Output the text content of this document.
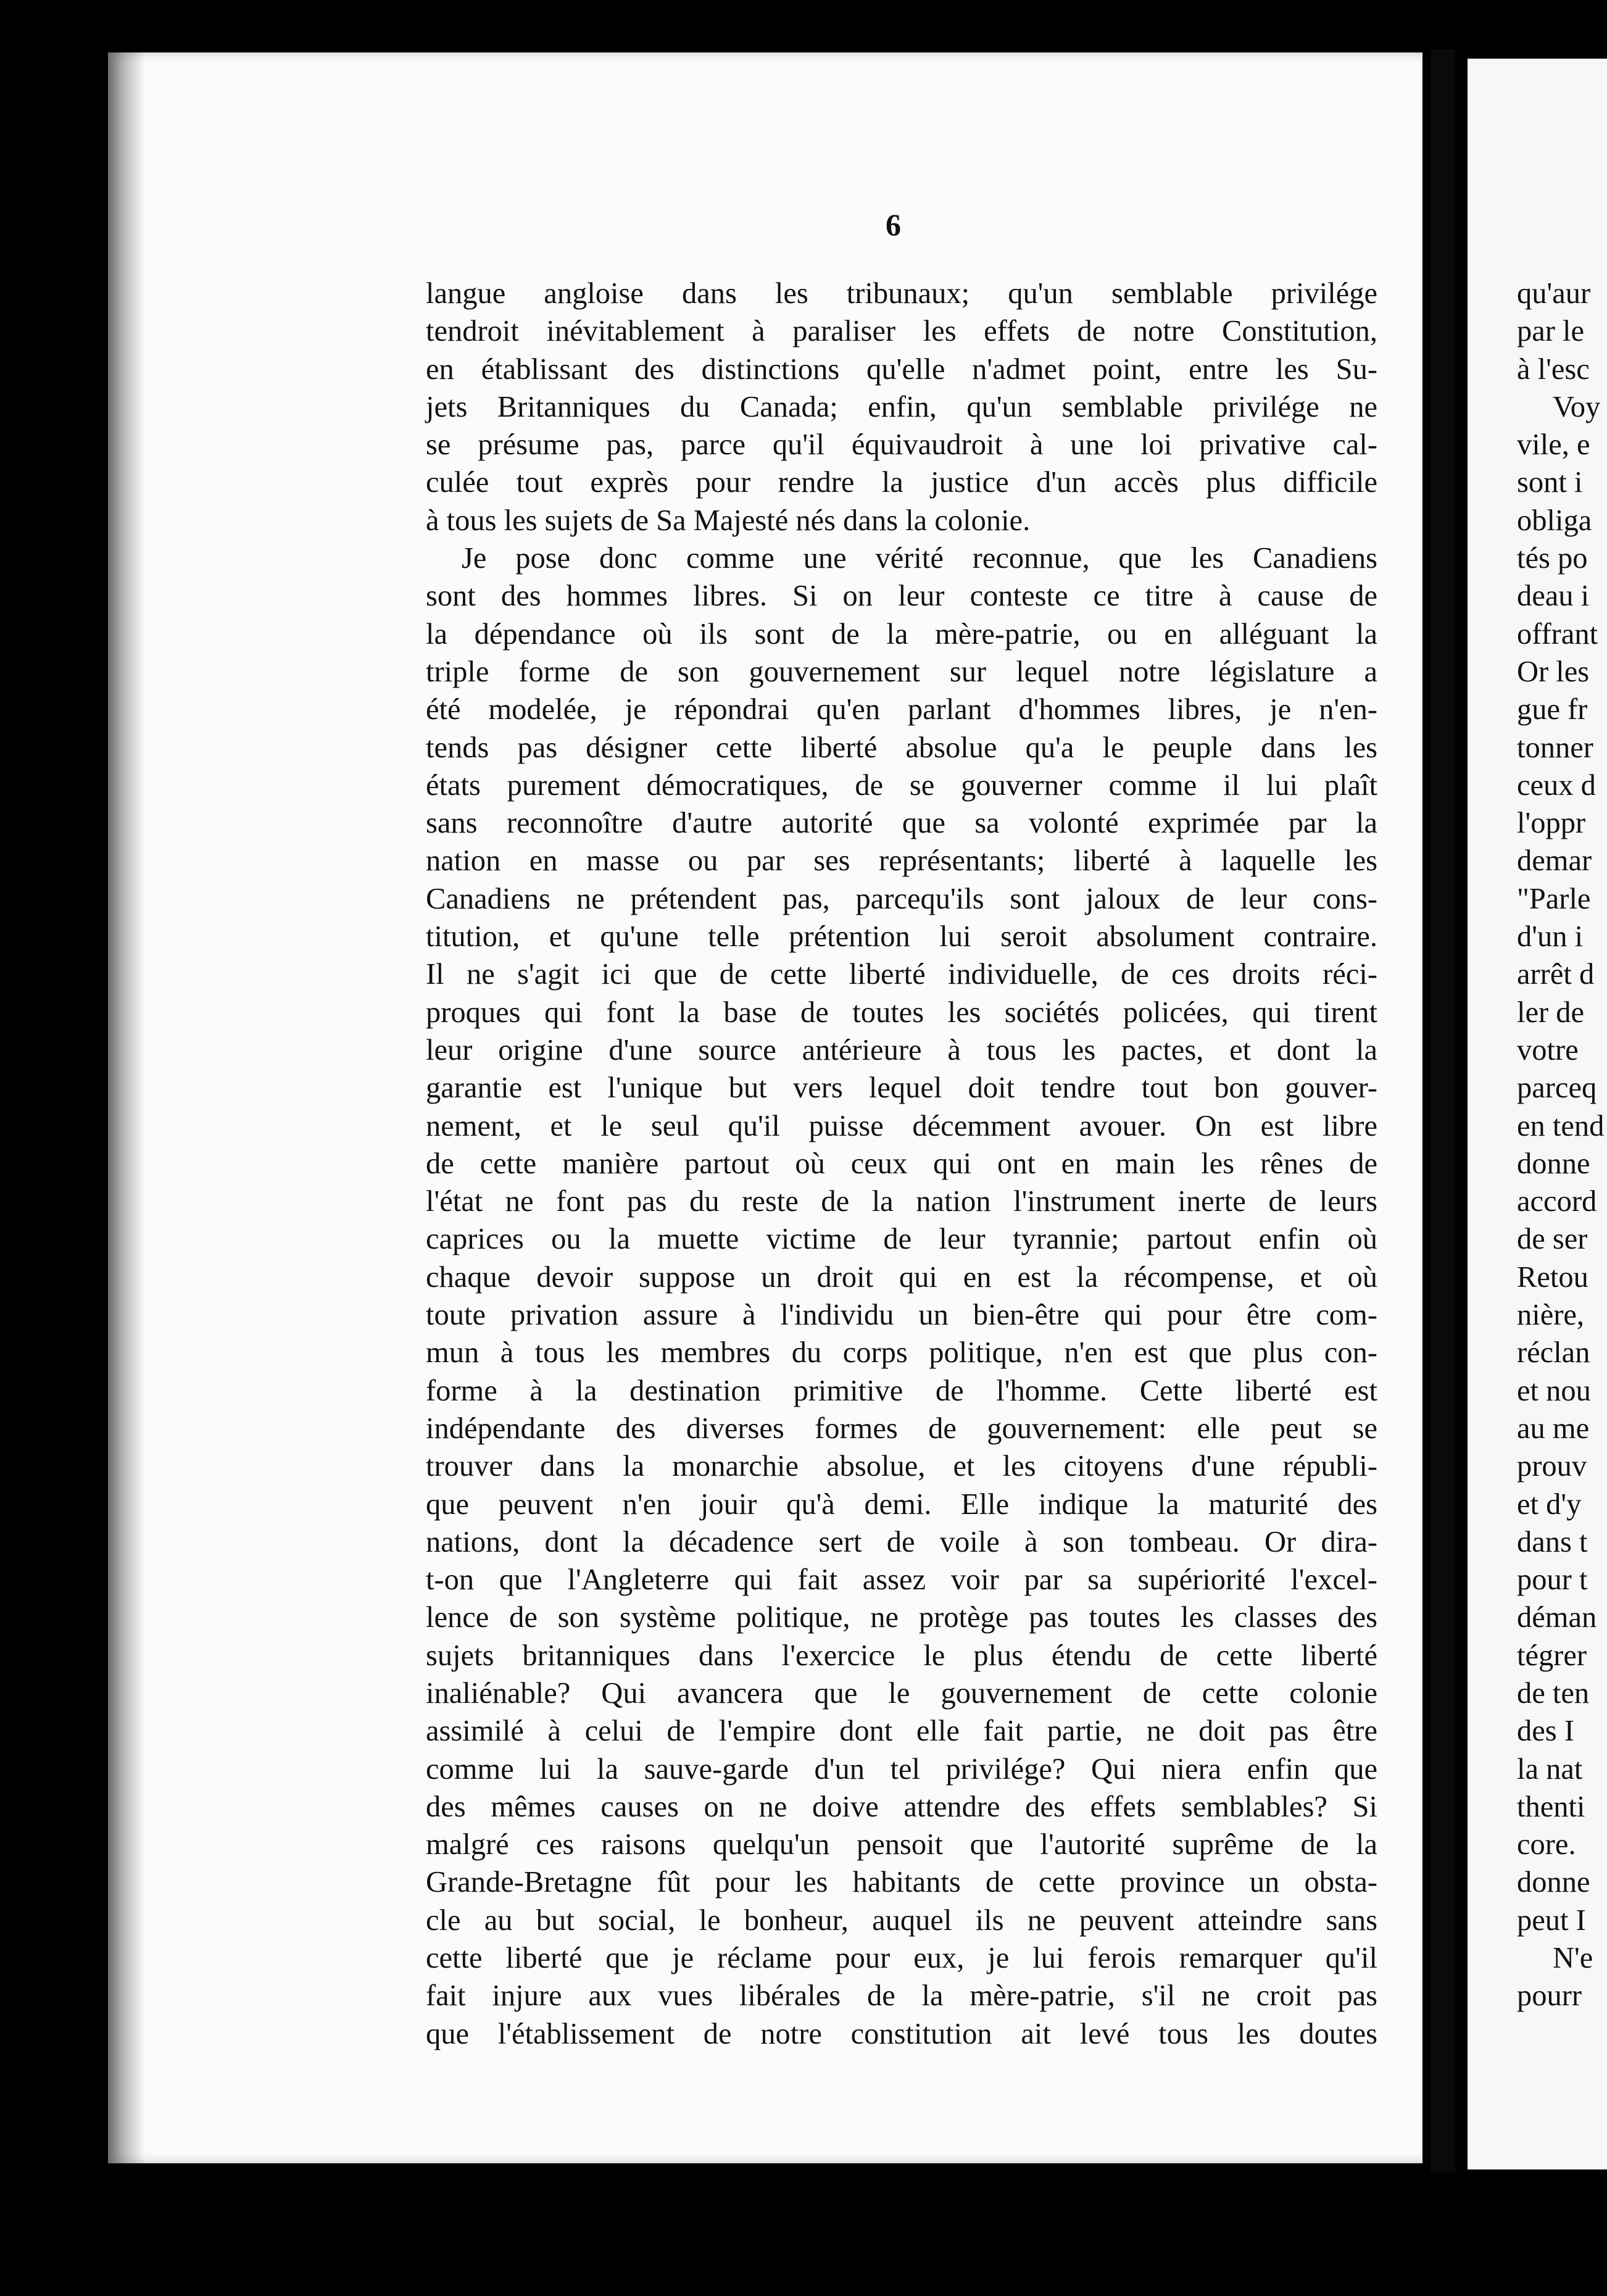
6
langue angloise dans les tribunaux; qu'un semblable privilége
tendroit inévitablement à paraliser les effets de notre Constitution,
en établissant des distinctions qu'elle n'admet point, entre les Su-
jets Britanniques du Canada; enfin, qu'un semblable privilége ne
se présume pas, parce qu'il équivaudroit à une loi privative cal-
culée tout exprès pour rendre la justice d'un accès plus difficile
à tous les sujets de Sa Majesté nés dans la colonie.
Je pose donc comme une vérité reconnue, que les Canadiens
sont des hommes libres. Si on leur conteste ce titre à cause de
la dépendance où ils sont de la mère-patrie, ou en alléguant la
triple forme de son gouvernement sur lequel notre législature a
été modelée, je répondrai qu'en parlant d'hommes libres, je n'en-
tends pas désigner cette liberté absolue qu'a le peuple dans les
états purement démocratiques, de se gouverner comme il lui plaît
sans reconnoître d'autre autorité que sa volonté exprimée par la
nation en masse ou par ses représentants; liberté à laquelle les
Canadiens ne prétendent pas, parcequ'ils sont jaloux de leur cons-
titution, et qu'une telle prétention lui seroit absolument contraire.
Il ne s'agit ici que de cette liberté individuelle, de ces droits réci-
proques qui font la base de toutes les sociétés policées, qui tirent
leur origine d'une source antérieure à tous les pactes, et dont la
garantie est l'unique but vers lequel doit tendre tout bon gouver-
nement, et le seul qu'il puisse décemment avouer. On est libre
de cette manière partout où ceux qui ont en main les rênes de
l'état ne font pas du reste de la nation l'instrument inerte de leurs
caprices ou la muette victime de leur tyrannie; partout enfin où
chaque devoir suppose un droit qui en est la récompense, et où
toute privation assure à l'individu un bien-être qui pour être com-
mun à tous les membres du corps politique, n'en est que plus con-
forme à la destination primitive de l'homme. Cette liberté est
indépendante des diverses formes de gouvernement: elle peut se
trouver dans la monarchie absolue, et les citoyens d'une républi-
que peuvent n'en jouir qu'à demi. Elle indique la maturité des
nations, dont la décadence sert de voile à son tombeau. Or dira-
t-on que l'Angleterre qui fait assez voir par sa supériorité l'excel-
lence de son système politique, ne protège pas toutes les classes des
sujets britanniques dans l'exercice le plus étendu de cette liberté
inaliénable? Qui avancera que le gouvernement de cette colonie
assimilé à celui de l'empire dont elle fait partie, ne doit pas être
comme lui la sauve-garde d'un tel privilége? Qui niera enfin que
des mêmes causes on ne doive attendre des effets semblables? Si
malgré ces raisons quelqu'un pensoit que l'autorité suprême de la
Grande-Bretagne fût pour les habitants de cette province un obsta-
cle au but social, le bonheur, auquel ils ne peuvent atteindre sans
cette liberté que je réclame pour eux, je lui ferois remarquer qu'il
fait injure aux vues libérales de la mère-patrie, s'il ne croit pas
que l'établissement de notre constitution ait levé tous les doutes
qu'aur
par le
à l'esc
Voy
vile, e
sont i
obliga
tés po
deau i
offrant
Or les
gue fr
tonner
ceux d
l'oppr
demar
"Parle
d'un i
arrêt d
ler de
votre
parceq
en tend
donne
accord
de ser
Retou
nière,
réclan
et nou
au me
prouv
et d'y
dans t
pour t
déman
tégrer
de ten
des I
la nat
thenti
core.
donne
peut I
N'e
pourr
